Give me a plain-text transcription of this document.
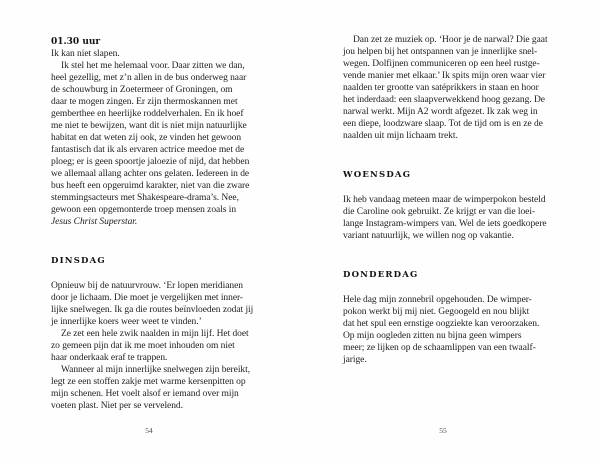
01.30 uur
Ik kan niet slapen.
Ik stel het me helemaal voor. Daar zitten we dan,
heel gezellig, met z’n allen in de bus onderweg naar
de schouwburg in Zoetermeer of Groningen, om
daar te mogen zingen. Er zijn thermoskannen met
gemberthee en heerlijke roddelverhalen. En ik hoef
me niet te bewijzen, want dit is niet mijn natuurlijke
habitat en dat weten zij ook, ze vinden het gewoon
fantastisch dat ik als ervaren actrice meedoe met de
ploeg; er is geen spoortje jaloezie of nijd, dat hebben
we allemaal allang achter ons gelaten. Iedereen in de
bus heeft een opgeruimd karakter, niet van die zware
stemmingsacteurs met Shakespeare-drama’s. Nee,
gewoon een opgemonterde troep mensen zoals in
Jesus Christ Superstar.
DINSDAG
Opnieuw bij de natuurvrouw. ‘Er lopen meridianen
door je lichaam. Die moet je vergelijken met inner-
lijke snelwegen. Ik ga die routes beïnvloeden zodat jij
je innerlijke koers weer weet te vinden.’
Ze zet een hele zwik naalden in mijn lijf. Het doet
zo gemeen pijn dat ik me moet inhouden om niet
haar onderkaak eraf te trappen.
Wanneer al mijn innerlijke snelwegen zijn bereikt,
legt ze een stoffen zakje met warme kersenpitten op
mijn schenen. Het voelt alsof er iemand over mijn
voeten plast. Niet per se vervelend.
54
Dan zet ze muziek op. ‘Hoor je de narwal? Die gaat
jou helpen bij het ontspannen van je innerlijke snel-
wegen. Dolfijnen communiceren op een heel rustge-
vende manier met elkaar.’ Ik spits mijn oren waar vier
naalden ter grootte van satéprikkers in staan en hoor
het inderdaad: een slaapverwekkend hoog gezang. De
narwal werkt. Mijn A2 wordt afgezet. Ik zak weg in
een diepe, loodzware slaap. Tot de tijd om is en ze de
naalden uit mijn lichaam trekt.
WOENSDAG
Ik heb vandaag meteen maar de wimperpokon besteld
die Caroline ook gebruikt. Ze krijgt er van die loei-
lange Instagram-wimpers van. Wel de iets goedkopere
variant natuurlijk, we willen nog op vakantie.
DONDERDAG
Hele dag mijn zonnebril opgehouden. De wimper-
pokon werkt bij mij niet. Gegoogeld en nou blijkt
dat het spul een ernstige oogziekte kan veroorzaken.
Op mijn oogleden zitten nu bijna geen wimpers
meer; ze lijken op de schaamlippen van een twaalf-
jarige.
55
